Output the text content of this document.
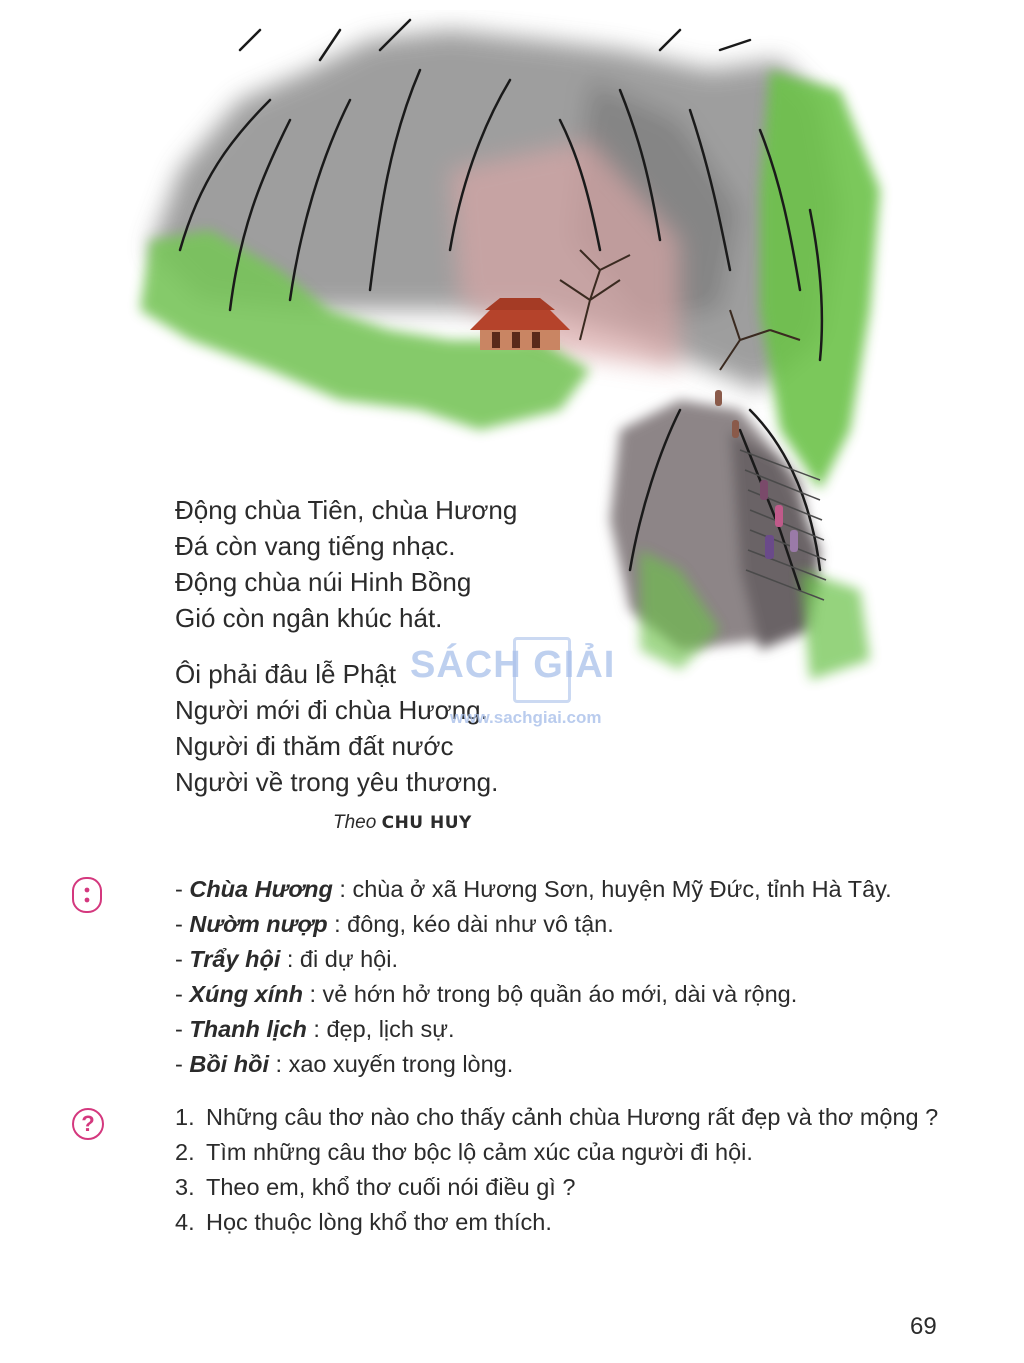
Động chùa Tiên, chùa Hương

Đá còn vang tiếng nhạc.

Động chùa núi Hinh Bồng

Gió còn ngân khúc hát.

Ôi phải đâu lễ Phật

Người mới đi chùa Hương.

Người đi thăm đất nước

Người về trong yêu thương.

SÁCH GIẢI
www.sachgiai.com
Theo CHU HUY
- Chùa Hương : chùa ở xã Hương Sơn, huyện Mỹ Đức, tỉnh Hà Tây.
- Nườm nượp : đông, kéo dài như vô tận.
- Trẩy hội : đi dự hội.
- Xúng xính : vẻ hớn hở trong bộ quần áo mới, dài và rộng.
- Thanh lịch : đẹp, lịch sự.
- Bồi hồi : xao xuyến trong lòng.
?	1. Những câu thơ nào cho thấy cảnh chùa Hương rất đẹp và thơ mộng ?
2. Tìm những câu thơ bộc lộ cảm xúc của người đi hội.
3. Theo em, khổ thơ cuối nói điều gì ?
4. Học thuộc lòng khổ thơ em thích.
69
